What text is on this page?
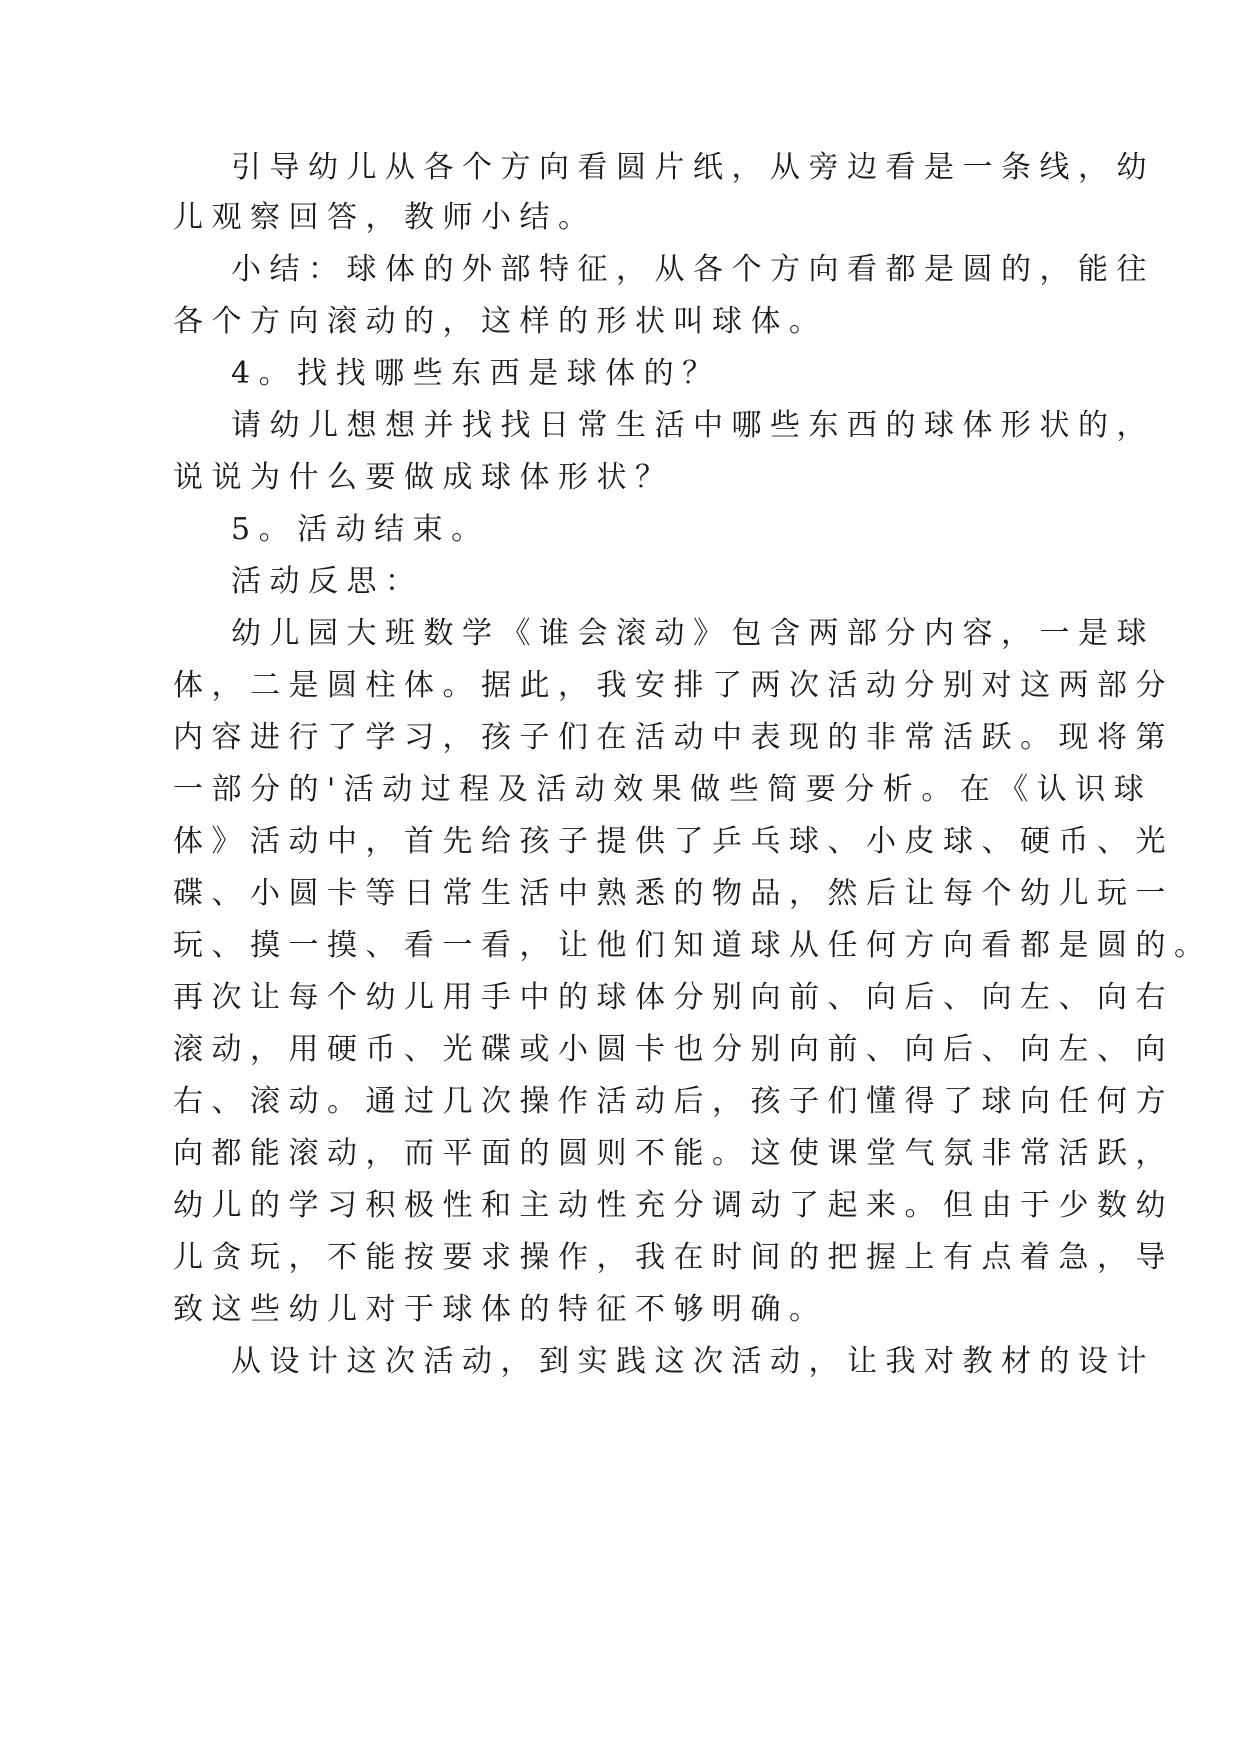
引导幼儿从各个方向看圆片纸，从旁边看是一条线，幼
儿观察回答，教师小结。
小结：球体的外部特征，从各个方向看都是圆的，能往
各个方向滚动的，这样的形状叫球体。
4。找找哪些东西是球体的？
请幼儿想想并找找日常生活中哪些东西的球体形状的，
说说为什么要做成球体形状？
5。活动结束。
活动反思：
幼儿园大班数学《谁会滚动》包含两部分内容，一是球
体，二是圆柱体。据此，我安排了两次活动分别对这两部分
内容进行了学习，孩子们在活动中表现的非常活跃。现将第
一部分的'活动过程及活动效果做些简要分析。在《认识球
体》活动中，首先给孩子提供了乒乓球、小皮球、硬币、光
碟、小圆卡等日常生活中熟悉的物品，然后让每个幼儿玩一
玩、摸一摸、看一看，让他们知道球从任何方向看都是圆的。
再次让每个幼儿用手中的球体分别向前、向后、向左、向右
滚动，用硬币、光碟或小圆卡也分别向前、向后、向左、向
右、滚动。通过几次操作活动后，孩子们懂得了球向任何方
向都能滚动，而平面的圆则不能。这使课堂气氛非常活跃，
幼儿的学习积极性和主动性充分调动了起来。但由于少数幼
儿贪玩，不能按要求操作，我在时间的把握上有点着急，导
致这些幼儿对于球体的特征不够明确。
从设计这次活动，到实践这次活动，让我对教材的设计
